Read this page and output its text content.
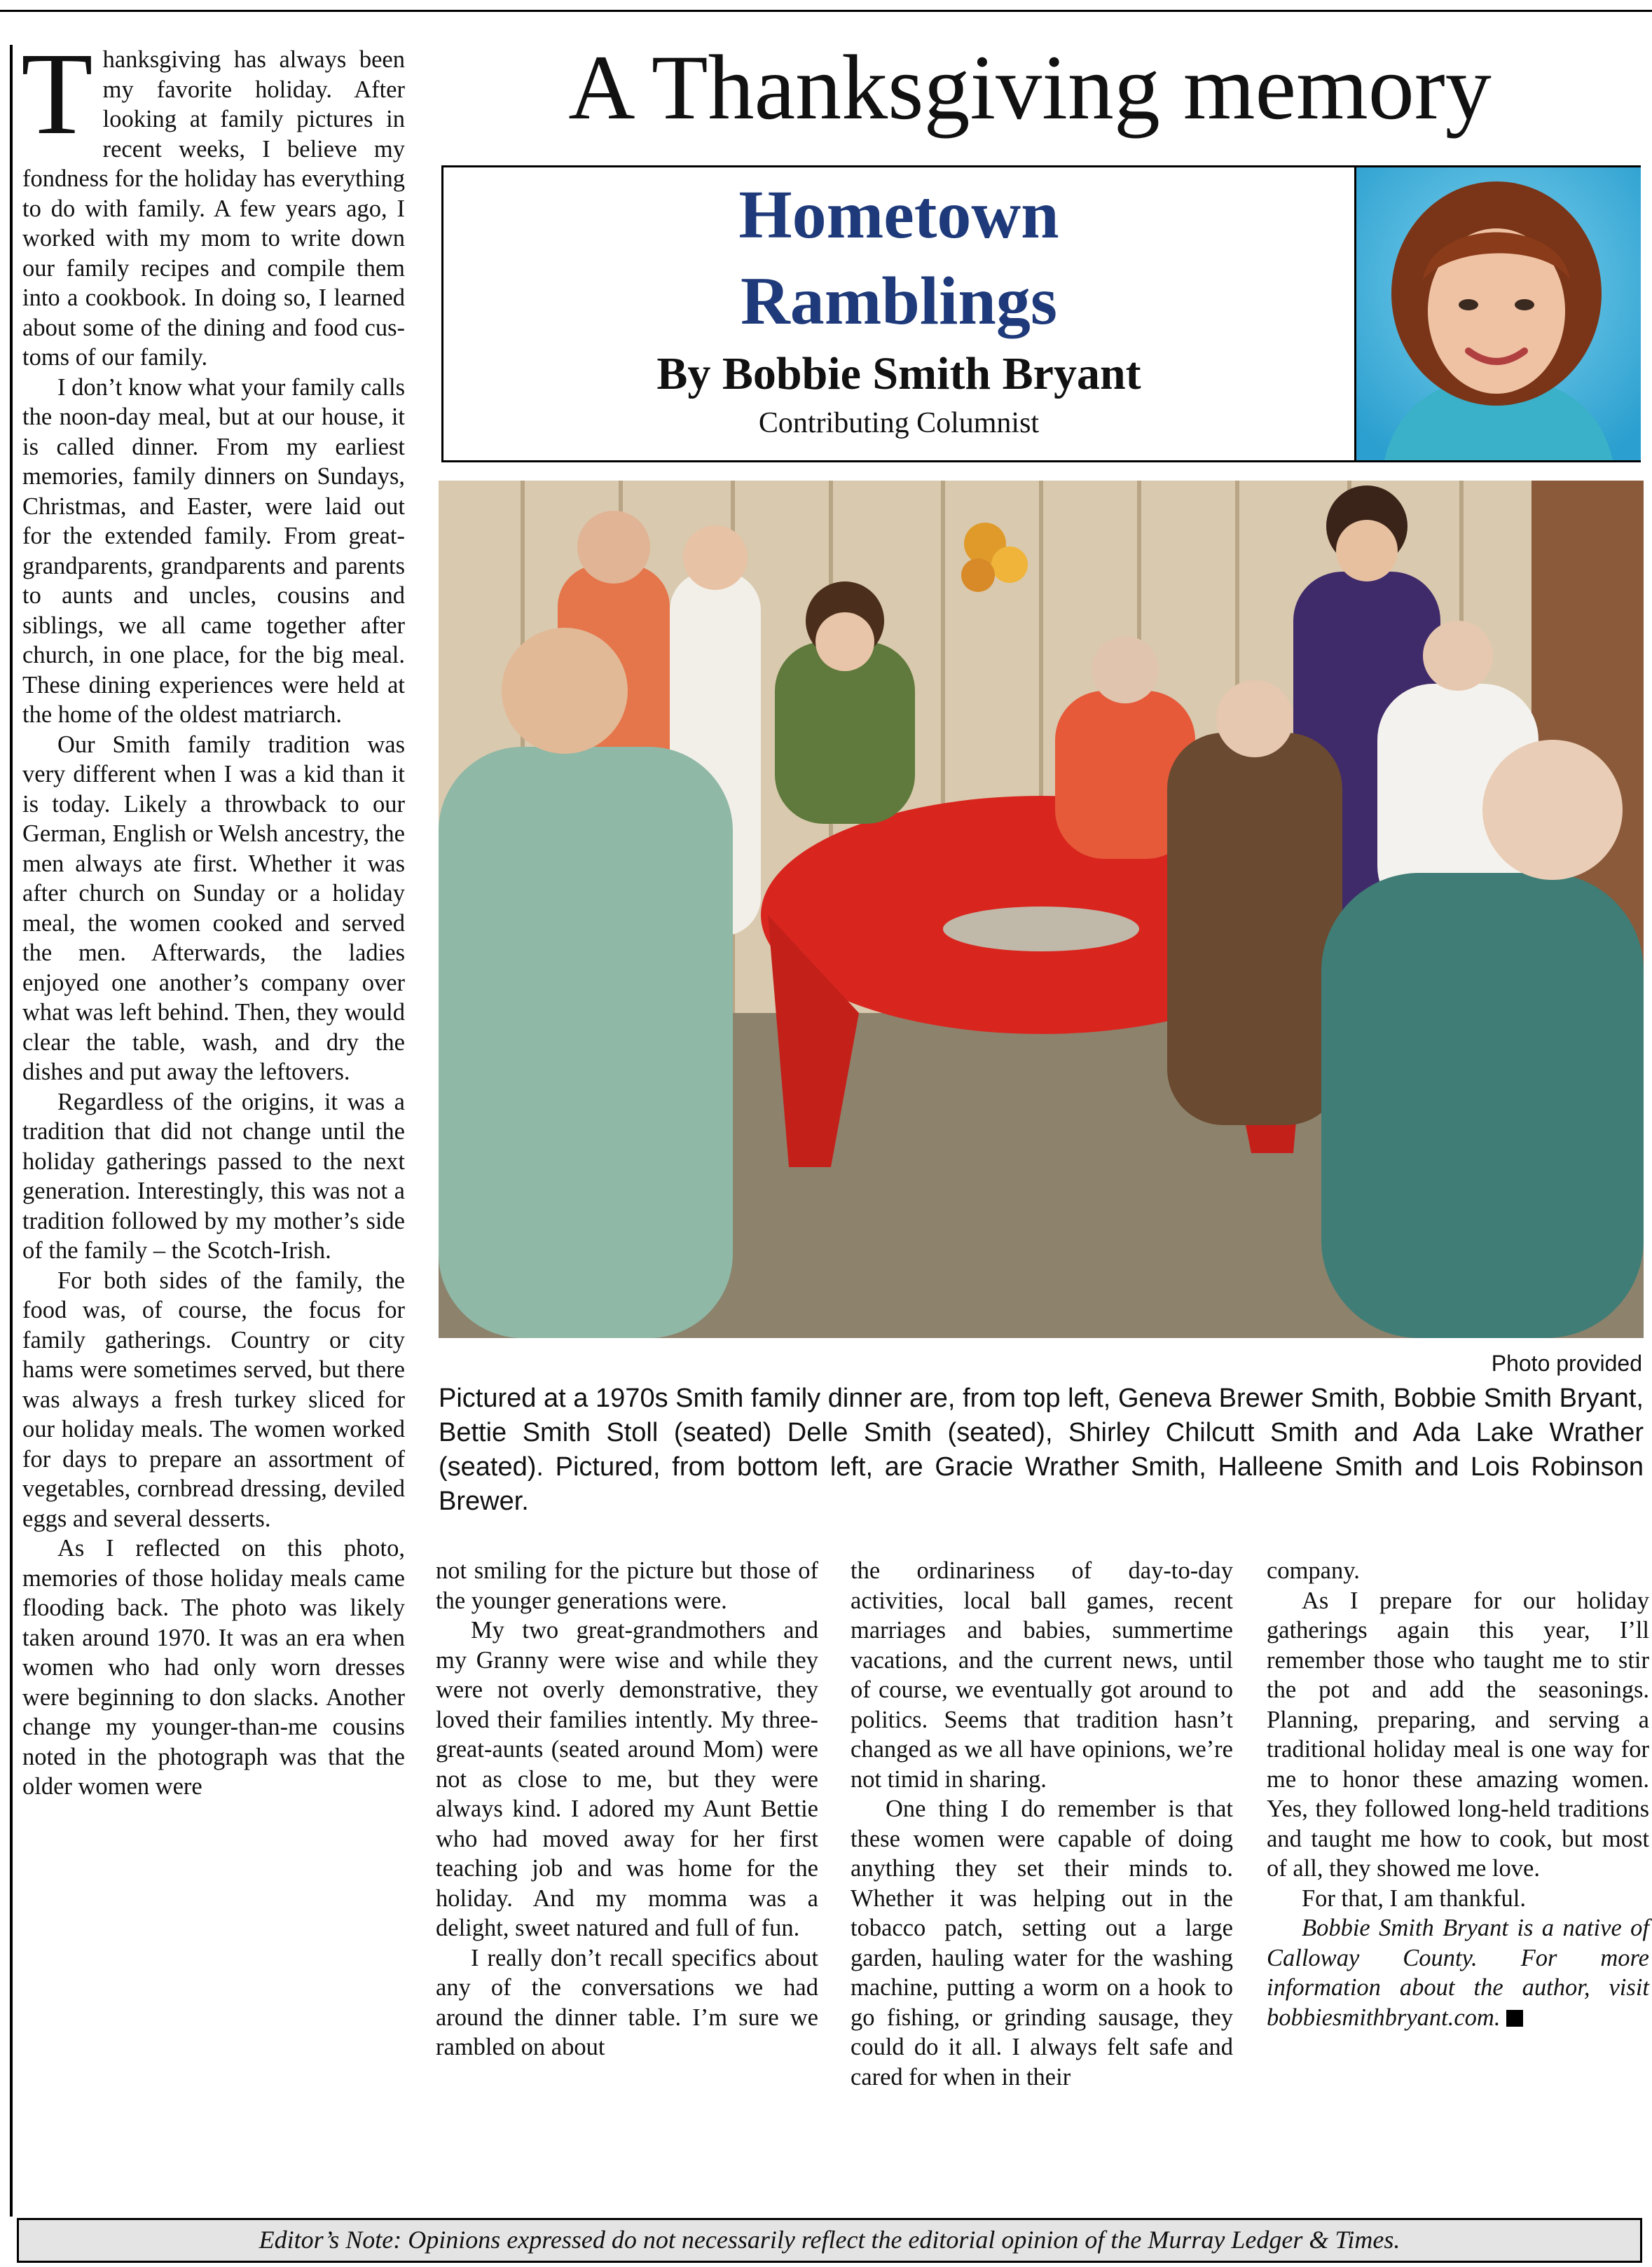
Thanksgiving has always been my favorite holiday. After looking at family pictures in recent weeks, I believe my fondness for the holiday has everything to do with family. A few years ago, I worked with my mom to write down our family recipes and compile them into a cookbook. In doing so, I learned about some of the dining and food customs of our family.

I don’t know what your family calls the noon-day meal, but at our house, it is called dinner. From my earliest memories, family dinners on Sundays, Christmas, and Easter, were laid out for the extended family. From great-grandparents, grandparents and parents to aunts and uncles, cousins and siblings, we all came together after church, in one place, for the big meal. These dining experiences were held at the home of the oldest matriarch.

Our Smith family tradition was very different when I was a kid than it is today. Likely a throwback to our German, English or Welsh ancestry, the men always ate first. Whether it was after church on Sunday or a holiday meal, the women cooked and served the men. Afterwards, the ladies enjoyed one another’s company over what was left behind. Then, they would clear the table, wash, and dry the dishes and put away the leftovers.

Regardless of the origins, it was a tradition that did not change until the holiday gatherings passed to the next generation. Interestingly, this was not a tradition followed by my mother’s side of the family – the Scotch-Irish.

For both sides of the family, the food was, of course, the focus for family gatherings. Country or city hams were sometimes served, but there was always a fresh turkey sliced for our holiday meals. The women worked for days to prepare an assortment of vegetables, cornbread dressing, deviled eggs and several desserts.

As I reflected on this photo, memories of those holiday meals came flooding back. The photo was likely taken around 1970. It was an era when women who had only worn dresses were beginning to don slacks. Another change my younger-than-me cousins noted in the photograph was that the older women were

A Thanksgiving memory
Hometown
Ramblings
By Bobbie Smith Bryant
Contributing Columnist
Photo provided
Pictured at a 1970s Smith family dinner are, from top left, Geneva Brewer Smith, Bobbie Smith Bryant, Bettie Smith Stoll (seated) Delle Smith (seated), Shirley Chilcutt Smith and Ada Lake Wrather (seated). Pictured, from bottom left, are Gracie Wrather Smith, Halleene Smith and Lois Robinson Brewer.

not smiling for the picture but those of the younger generations were.

My two great-grandmothers and my Granny were wise and while they were not overly demonstrative, they loved their families intently. My three-great-aunts (seated around Mom) were not as close to me, but they were always kind. I adored my Aunt Bettie who had moved away for her first teaching job and was home for the holiday. And my momma was a delight, sweet natured and full of fun.

I really don’t recall specifics about any of the conversations we had around the dinner table. I’m sure we rambled on about

the ordinariness of day-to-day activities, local ball games, recent marriages and babies, summertime vacations, and the current news, until of course, we eventually got around to politics. Seems that tradition hasn’t changed as we all have opinions, we’re not timid in sharing.

One thing I do remember is that these women were capable of doing anything they set their minds to. Whether it was helping out in the tobacco patch, setting out a large garden, hauling water for the washing machine, putting a worm on a hook to go fishing, or grinding sausage, they could do it all. I always felt safe and cared for when in their

company.

As I prepare for our holiday gatherings again this year, I’ll remember those who taught me to stir the pot and add the seasonings. Planning, preparing, and serving a traditional holiday meal is one way for me to honor these amazing women. Yes, they followed long-held traditions and taught me how to cook, but most of all, they showed me love.

For that, I am thankful.

Bobbie Smith Bryant is a native of Calloway County. For more information about the author, visit bobbiesmithbryant.com.

Editor’s Note: Opinions expressed do not necessarily reflect the editorial opinion of the Murray Ledger & Times.
